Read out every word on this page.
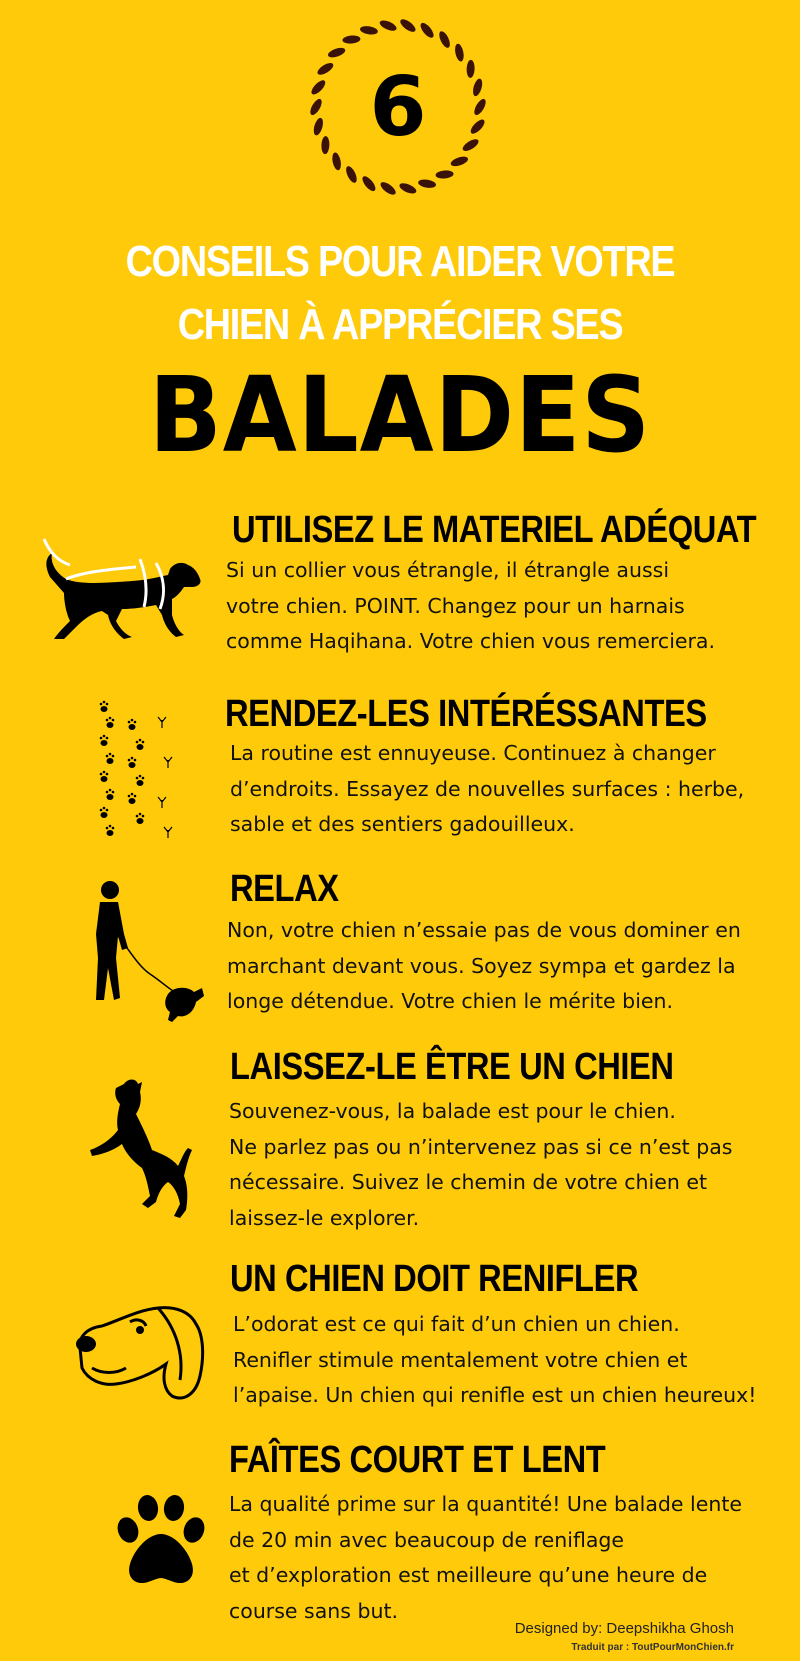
6
CONSEILS POUR AIDER VOTRE
CHIEN À APPRÉCIER SES
BALADES
UTILISEZ LE MATERIEL ADÉQUAT
Si un collier vous étrangle, il étrangle aussi
votre chien. POINT. Changez pour un harnais
comme Haqihana. Votre chien vous remerciera.
RENDEZ-LES INTÉRÉSSANTES
La routine est ennuyeuse. Continuez à changer
d’endroits. Essayez de nouvelles surfaces : herbe,
sable et des sentiers gadouilleux.
RELAX
Non, votre chien n’essaie pas de vous dominer en
marchant devant vous. Soyez sympa et gardez la
longe détendue. Votre chien le mérite bien.
LAISSEZ-LE ÊTRE UN CHIEN
Souvenez-vous, la balade est pour le chien.
Ne parlez pas ou n’intervenez pas si ce n’est pas
nécessaire. Suivez le chemin de votre chien et
laissez-le explorer.
UN CHIEN DOIT RENIFLER
L’odorat est ce qui fait d’un chien un chien.
Renifler stimule mentalement votre chien et
l’apaise. Un chien qui renifle est un chien heureux!
FAÎTES COURT ET LENT
La qualité prime sur la quantité! Une balade lente
de 20 min avec beaucoup de reniflage
et d’exploration est meilleure qu’une heure de
course sans but.
Designed by: Deepshikha Ghosh
Traduit par : ToutPourMonChien.fr
